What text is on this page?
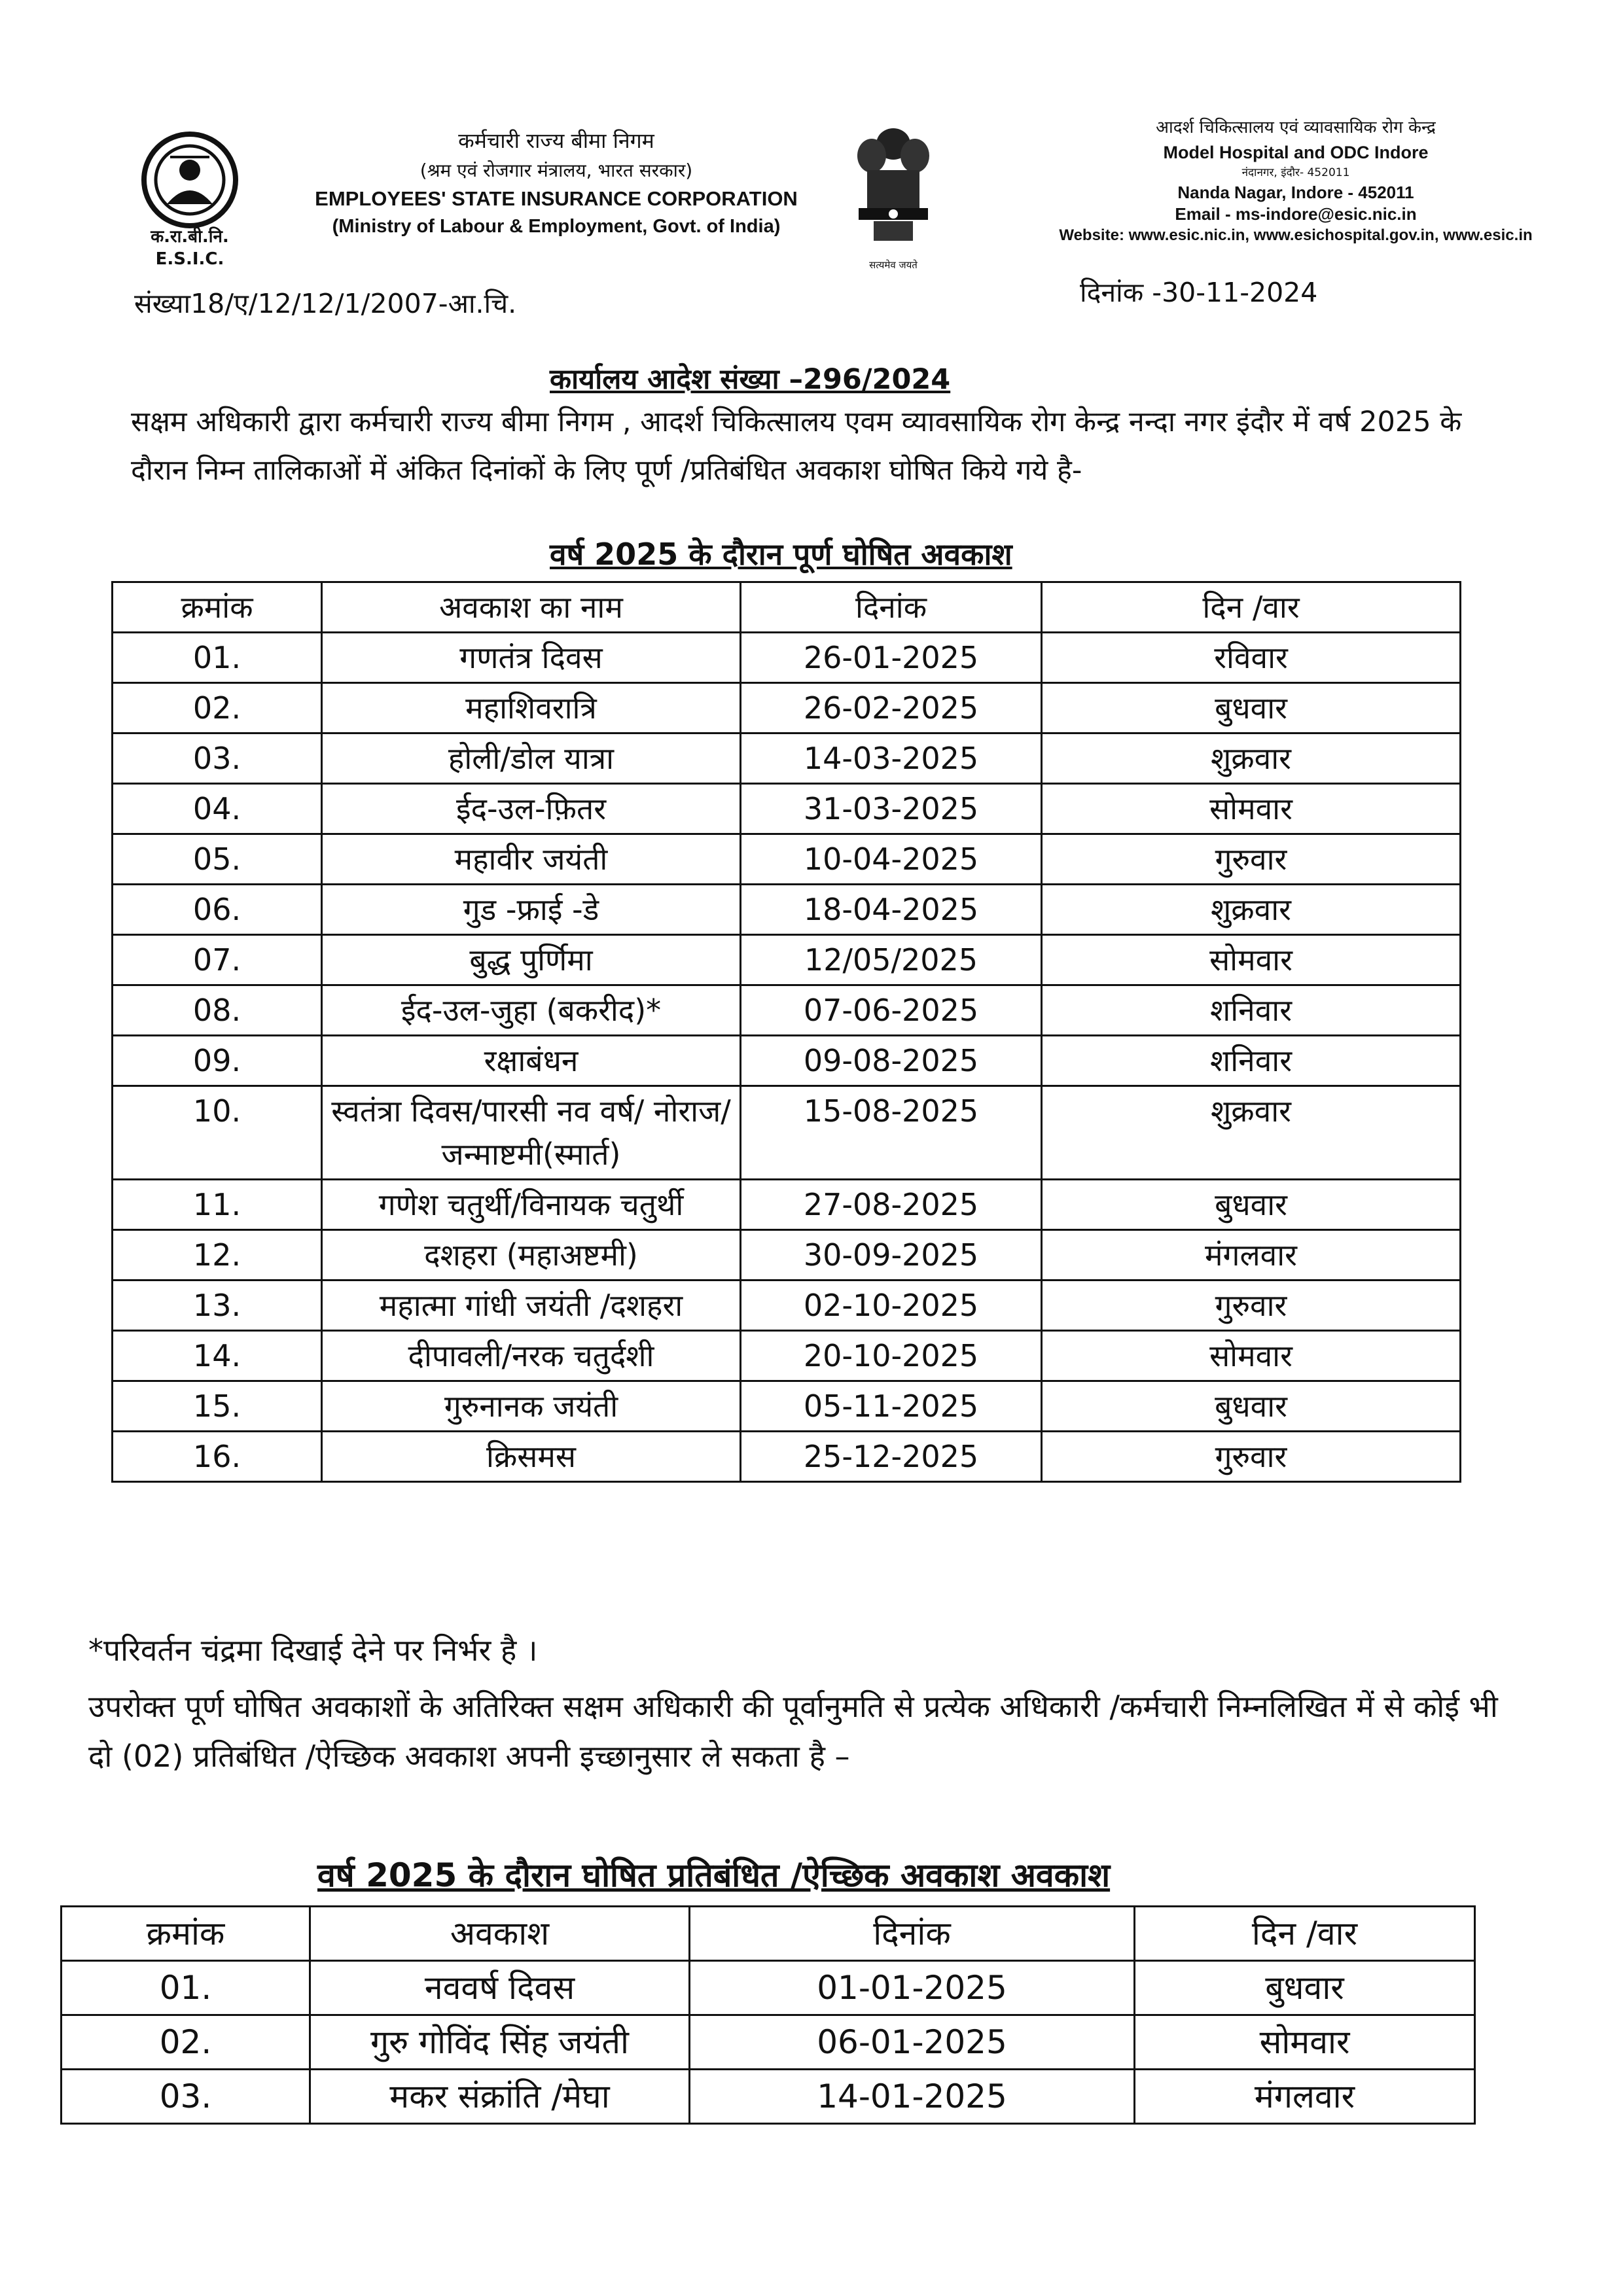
क.रा.बी.नि.
E.S.I.C.
कर्मचारी राज्य बीमा निगम
(श्रम एवं रोजगार मंत्रालय, भारत सरकार)
EMPLOYEES' STATE INSURANCE CORPORATION
(Ministry of Labour & Employment, Govt. of India)
सत्यमेव जयते
आदर्श चिकित्सालय एवं व्यावसायिक रोग केन्द्र
Model Hospital and ODC Indore
नंदानगर, इंदौर- 452011
Nanda Nagar, Indore - 452011
Email - ms-indore@esic.nic.in
Website: www.esic.nic.in, www.esichospital.gov.in, www.esic.in
संख्या18/ए/12/12/1/2007-आ.चि.	दिनांक -30-11-2024
कार्यालय आदेश संख्या –296/2024
सक्षम अधिकारी द्वारा कर्मचारी राज्य बीमा निगम , आदर्श चिकित्सालय एवम व्यावसायिक रोग केन्द्र नन्दा नगर इंदौर में वर्ष 2025 के दौरान निम्न तालिकाओं में अंकित दिनांकों के लिए पूर्ण /प्रतिबंधित अवकाश घोषित किये गये है-
वर्ष 2025 के दौरान पूर्ण घोषित अवकाश
क्रमांक	अवकाश का नाम	दिनांक	दिन /वार
01.	गणतंत्र दिवस	26-01-2025	रविवार
02.	महाशिवरात्रि	26-02-2025	बुधवार
03.	होली/डोल यात्रा	14-03-2025	शुक्रवार
04.	ईद-उल-फ़ितर	31-03-2025	सोमवार
05.	महावीर जयंती	10-04-2025	गुरुवार
06.	गुड -फ्राई -डे	18-04-2025	शुक्रवार
07.	बुद्ध पुर्णिमा	12/05/2025	सोमवार
08.	ईद-उल-जुहा (बकरीद)*	07-06-2025	शनिवार
09.	रक्षाबंधन	09-08-2025	शनिवार
10.	स्वतंत्रा दिवस/पारसी नव वर्ष/ नोराज/जन्माष्टमी(स्मार्त)	15-08-2025	शुक्रवार
11.	गणेश चतुर्थी/विनायक चतुर्थी	27-08-2025	बुधवार
12.	दशहरा (महाअष्टमी)	30-09-2025	मंगलवार
13.	महात्मा गांधी जयंती /दशहरा	02-10-2025	गुरुवार
14.	दीपावली/नरक चतुर्दशी	20-10-2025	सोमवार
15.	गुरुनानक जयंती	05-11-2025	बुधवार
16.	क्रिसमस	25-12-2025	गुरुवार
*परिवर्तन चंद्रमा दिखाई देने पर निर्भर है ।
उपरोक्त पूर्ण घोषित अवकाशों के अतिरिक्त सक्षम अधिकारी की पूर्वानुमति से प्रत्येक अधिकारी /कर्मचारी निम्नलिखित में से कोई भी दो (02) प्रतिबंधित /ऐच्छिक अवकाश अपनी इच्छानुसार ले सकता है –
वर्ष 2025 के दौरान घोषित प्रतिबंधित /ऐच्छिक अवकाश अवकाश
क्रमांक	अवकाश	दिनांक	दिन /वार
01.	नववर्ष दिवस	01-01-2025	बुधवार
02.	गुरु गोविंद सिंह जयंती	06-01-2025	सोमवार
03.	मकर संक्रांति /मेघा	14-01-2025	मंगलवार
